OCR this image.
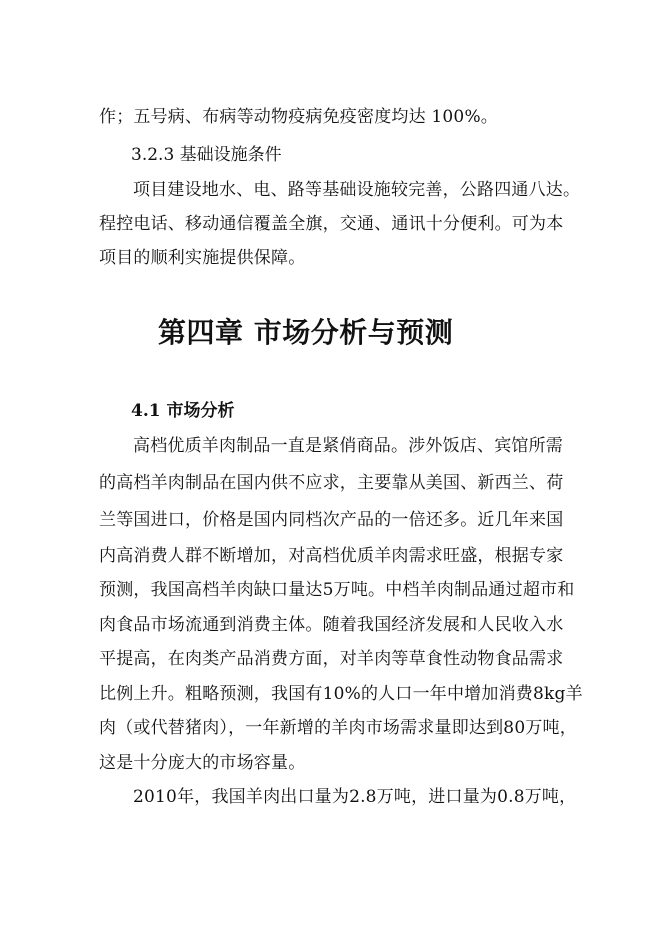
作；五号病、布病等动物疫病免疫密度均达 100%。
3.2.3 基础设施条件
项目建设地水、电、路等基础设施较完善，公路四通八达。
程控电话、移动通信覆盖全旗，交通、通讯十分便利。可为本
项目的顺利实施提供保障。
第四章 市场分析与预测
4.1 市场分析
高档优质羊肉制品一直是紧俏商品。涉外饭店、宾馆所需
的高档羊肉制品在国内供不应求，主要靠从美国、新西兰、荷
兰等国进口，价格是国内同档次产品的一倍还多。近几年来国
内高消费人群不断增加，对高档优质羊肉需求旺盛，根据专家
预测，我国高档羊肉缺口量达5万吨。中档羊肉制品通过超市和
肉食品市场流通到消费主体。随着我国经济发展和人民收入水
平提高，在肉类产品消费方面，对羊肉等草食性动物食品需求
比例上升。粗略预测，我国有10%的人口一年中增加消费8kg羊
肉（或代替猪肉），一年新增的羊肉市场需求量即达到80万吨，
这是十分庞大的市场容量。
2010年，我国羊肉出口量为2.8万吨，进口量为0.8万吨，
